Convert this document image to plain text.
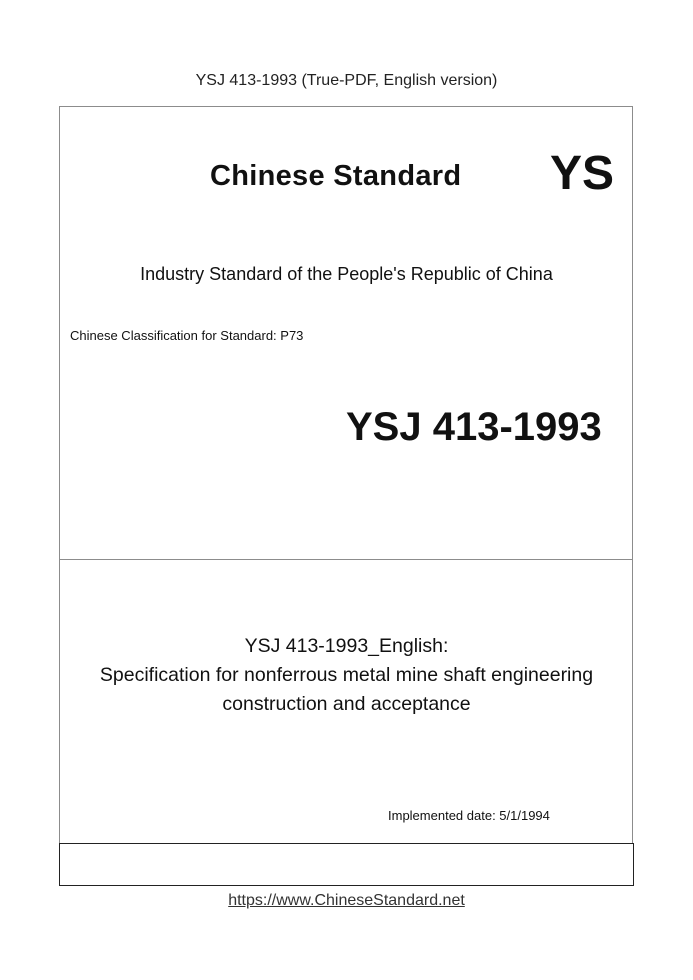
YSJ 413-1993 (True-PDF, English version)
Chinese Standard YS
Industry Standard of the People's Republic of China
Chinese Classification for Standard: P73
YSJ 413-1993
YSJ 413-1993_English:
Specification for nonferrous metal mine shaft engineering
construction and acceptance
Implemented date: 5/1/1994
https://www.ChineseStandard.net
